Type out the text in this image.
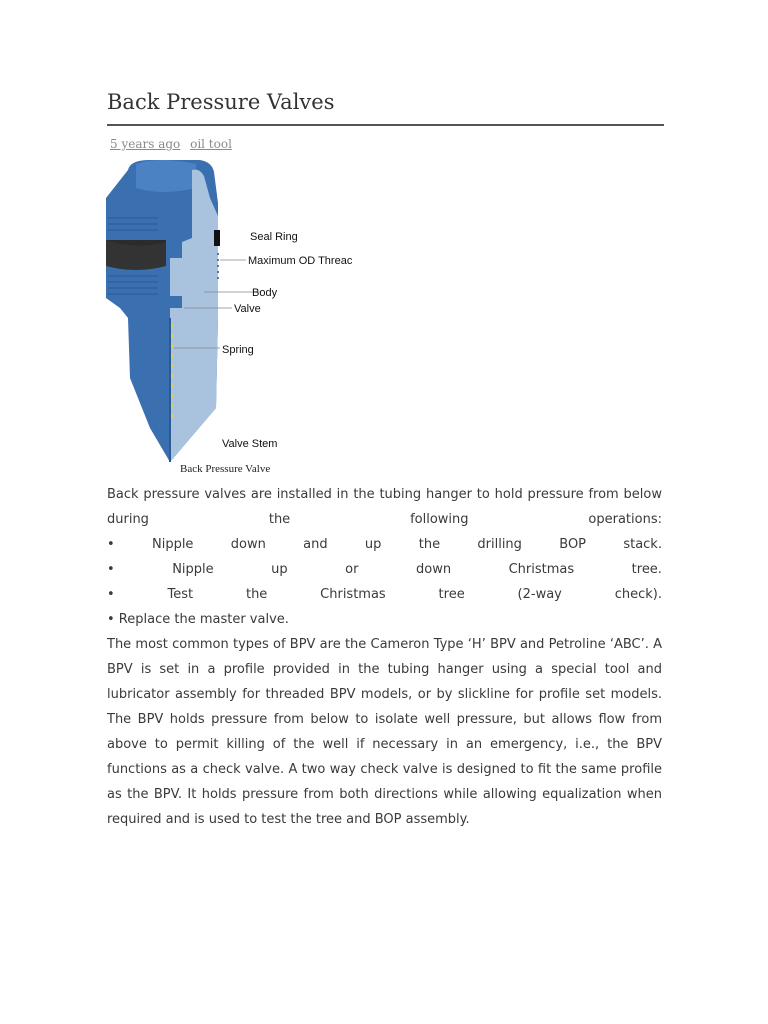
Back Pressure Valves
5 years ago oil tool
Seal Ring
Maximum OD Threac
Body
Valve
Spring
Valve Stem
Back Pressure Valve
Back pressure valves are installed in the tubing hanger to hold pressure from below
during	the	following	operations:
•	Nipple	down	and	up	the	drilling	BOP	stack.
•	Nipple	up	or	down	Christmas	tree.
•	Test	the	Christmas	tree	(2-way	check).
• Replace the master valve.

The most common types of BPV are the Cameron Type ‘H’ BPV and Petroline ‘ABC’. A BPV is set in a profile provided in the tubing hanger using a special tool and lubricator assembly for threaded BPV models, or by slickline for profile set models. The BPV holds pressure from below to isolate well pressure, but allows flow from above to permit killing of the well if necessary in an emergency, i.e., the BPV functions as a check valve. A two way check valve is designed to fit the same profile as the BPV. It holds pressure from both directions while allowing equalization when required and is used to test the tree and BOP assembly.
